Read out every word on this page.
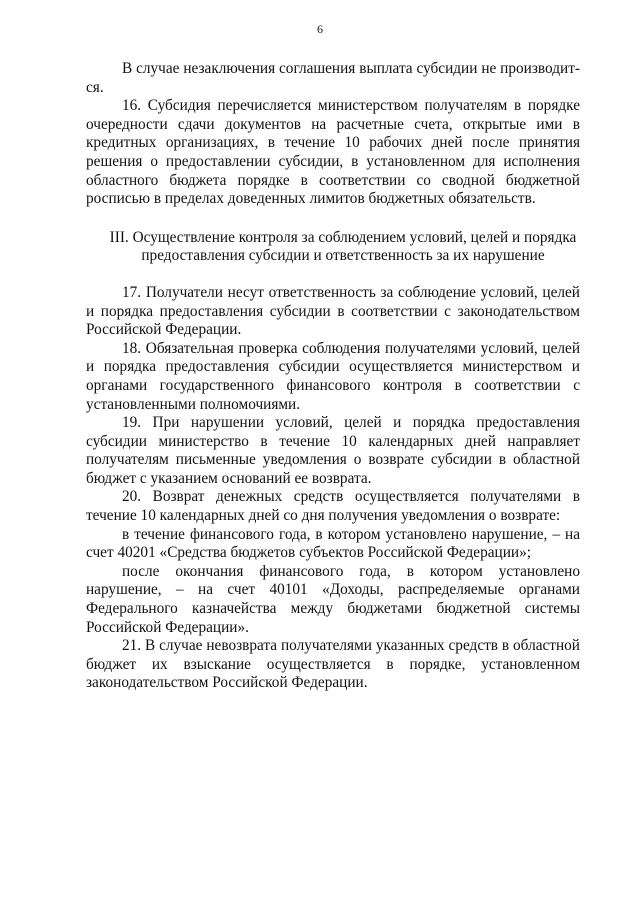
6

В случае незаключения соглашения выплата субсидии не производится.

16. Субсидия перечисляется министерством получателям в порядке очередности сдачи документов на расчетные счета, открытые ими в кредитных организациях, в течение 10 рабочих дней после принятия решения о предоставлении субсидии, в установленном для исполнения областного бюджета порядке в соответствии со сводной бюджетной росписью в пределах доведенных лимитов бюджетных обязательств.

III. Осуществление контроля за соблюдением условий, целей и порядка
предоставления субсидии и ответственность за их нарушение

17. Получатели несут ответственность за соблюдение условий, целей и порядка предоставления субсидии в соответствии с законодательством Российской Федерации.

18. Обязательная проверка соблюдения получателями условий, целей и порядка предоставления субсидии осуществляется министерством и органами государственного финансового контроля в соответствии с установленными полномочиями.

19. При нарушении условий, целей и порядка предоставления субсидии министерство в течение 10 календарных дней направляет получателям письменные уведомления о возврате субсидии в областной бюджет с указанием оснований ее возврата.

20. Возврат денежных средств осуществляется получателями в течение 10 календарных дней со дня получения уведомления о возврате:

в течение финансового года, в котором установлено нарушение, – на счет 40201 «Средства бюджетов субъектов Российской Федерации»;

после окончания финансового года, в котором установлено нарушение, – на счет 40101 «Доходы, распределяемые органами Федерального казначейства между бюджетами бюджетной системы Российской Федерации».

21. В случае невозврата получателями указанных средств в областной бюджет их взыскание осуществляется в порядке, установленном законодательством Российской Федерации.
